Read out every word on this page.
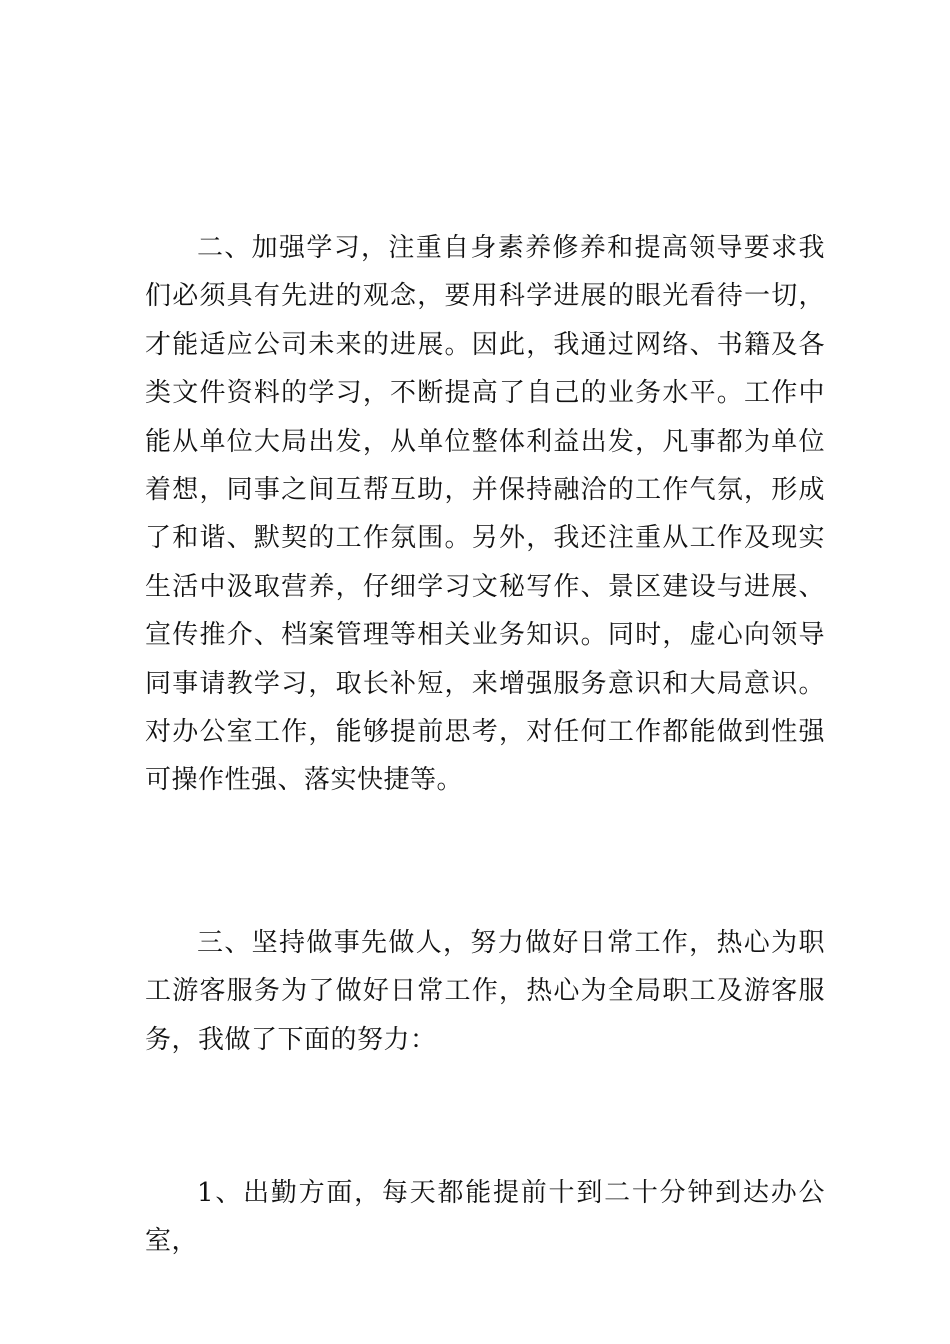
二、加强学习，注重自身素养修养和提高领导要求我们必须具有先进的观念，要用科学进展的眼光看待一切，才能适应公司未来的进展。因此，我通过网络、书籍及各类文件资料的学习，不断提高了自己的业务水平。工作中能从单位大局出发，从单位整体利益出发，凡事都为单位着想，同事之间互帮互助，并保持融洽的工作气氛，形成了和谐、默契的工作氛围。另外，我还注重从工作及现实生活中汲取营养，仔细学习文秘写作、景区建设与进展、宣传推介、档案管理等相关业务知识。同时，虚心向领导同事请教学习，取长补短，来增强服务意识和大局意识。对办公室工作，能够提前思考，对任何工作都能做到性强可操作性强、落实快捷等。

三、坚持做事先做人，努力做好日常工作，热心为职工游客服务为了做好日常工作，热心为全局职工及游客服务，我做了下面的努力：

1、出勤方面，每天都能提前十到二十分钟到达办公室，
